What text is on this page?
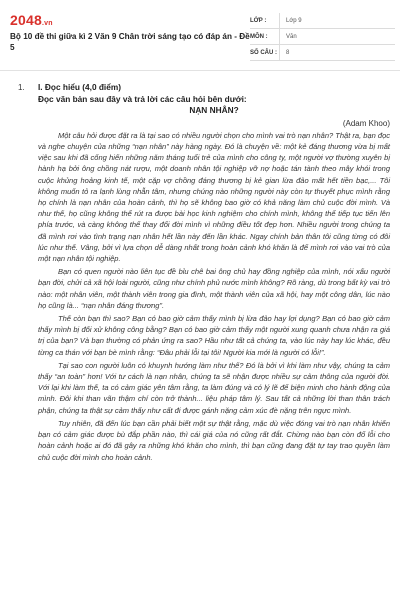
2048.vn
Bộ 10 đề thi giữa kì 2 Văn 9 Chân trời sáng tạo có đáp án - Đề 5
LỚP :	Lớp 9
MÔN :	Văn
SỐ CÂU :	8
1. I. Đọc hiểu (4,0 điểm)
Đọc văn bản sau đây và trả lời các câu hỏi bên dưới:
NẠN NHÂN?
(Adam Khoo)

Một câu hỏi được đặt ra là tại sao có nhiều người chọn cho mình vai trò nạn nhân? Thật ra, bạn đọc và nghe chuyện của những “nạn nhân” này hàng ngày. Đó là chuyện về: một kẻ đáng thương vừa bị mất việc sau khi đã cống hiến những năm tháng tuổi trẻ của mình cho công ty, một người vợ thường xuyên bị hành hạ bởi ông chồng nát rượu, một doanh nhân tội nghiệp vỡ nợ hoặc tán tành theo mây khói trong cuộc khủng hoảng kinh tế, một cặp vợ chồng đáng thương bị kẻ gian lừa đảo mất hết tiền bạc,... Tôi không muốn tỏ ra lạnh lùng nhẫn tâm, nhưng chúng nào những người này còn tự thuyết phục mình rằng họ chính là nạn nhân của hoàn cảnh, thì họ sẽ không bao giờ có khả năng làm chủ cuộc đời mình. Và như thế, họ cũng không thể rút ra được bài học kinh nghiệm cho chính mình, không thể tiếp tục tiến lên phía trước, và càng không thể thay đổi đời mình vì những điều tốt đẹp hơn. Nhiều người trong chúng ta đã mình rơi vào tình trạng nạn nhân hết lần này đến lần khác. Ngay chính bản thân tôi cũng từng có đôi lúc như thế. Vâng, bởi vì lựa chọn dễ dàng nhất trong hoàn cảnh khó khăn là để mình rơi vào vai trò của một nạn nhân tội nghiệp.

Bạn có quen người nào liên tục đề bỉu chê bai ông chủ hay đồng nghiệp của mình, nói xấu người bạn đời, chửi cả xã hội loài người, cũng như chính phủ nước mình không? Rõ ràng, dù trong bất kỳ vai trò nào: một nhân viên, một thành viên trong gia đình, một thành viên của xã hội, hay một công dân, lúc nào họ cũng là... “nạn nhân đáng thương”.

Thế còn bạn thì sao? Bạn có bao giờ cảm thấy mình bị lừa đảo hay lợi dụng? Bạn có bao giờ cảm thấy mình bị đối xử không công bằng? Bạn có bao giờ cảm thấy một người xung quanh chưa nhận ra giá trị của bạn? Và bạn thường có phản ứng ra sao? Hầu như tất cả chúng ta, vào lúc này hay lúc khác, đều từng ca thán với bạn bè mình rằng: “Đâu phải lỗi tại tôi! Người kia mới là người có lỗi!”.

Tại sao con người luôn có khuynh hướng làm như thế? Đó là bởi vì khi làm như vậy, chúng ta cảm thấy “an toàn” hơn! Với tư cách là nạn nhân, chúng ta sẽ nhận được nhiều sự cảm thông của người đời. Với lại khi làm thế, ta có cảm giác yên tâm rằng, ta làm đúng và có lý lẽ để biện minh cho hành động của mình. Đôi khi than vãn thậm chí còn trở thành... liệu pháp tâm lý. Sau tất cả những lời than thân trách phận, chúng ta thật sự cảm thấy như cất đi được gánh nặng cảm xúc đè nặng trên ngực mình.

Tuy nhiên, đã đến lúc bạn cần phải biết một sự thật rằng, mặc dù việc đóng vai trò nạn nhân khiến bạn có cảm giác được bù đắp phần nào, thì cái giá của nó cũng rất đắt. Chừng nào bạn còn đổ lỗi cho hoàn cảnh hoặc ai đó đã gây ra những khó khăn cho mình, thì bạn cũng đang đặt tự tay trao quyền làm chủ cuộc đời mình cho hoàn cảnh.
